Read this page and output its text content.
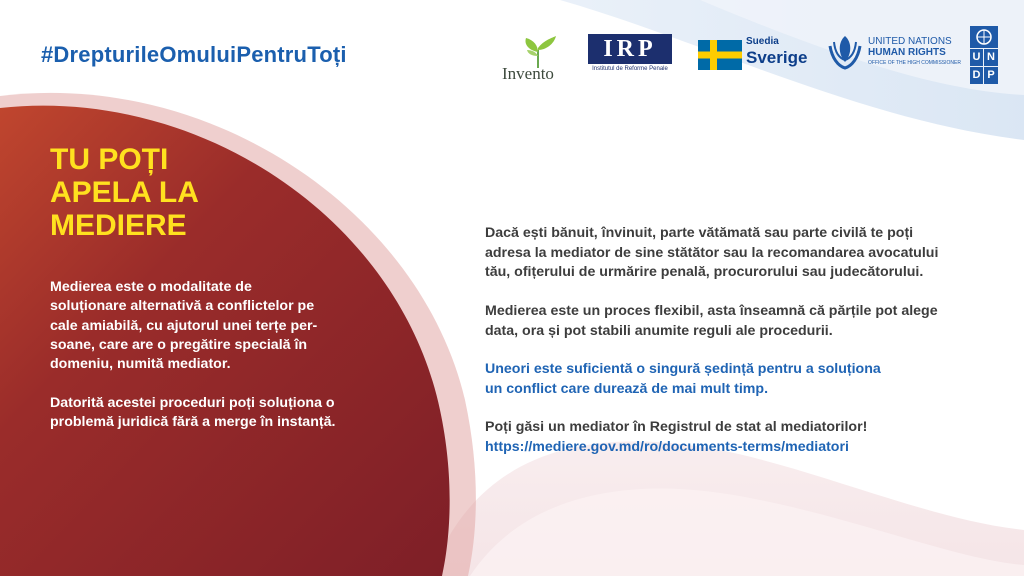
#DrepturileOmuluiPentruToți
Invento
IRP
Institutul de Reforme Penale
Suedia
Sverige
UNITED NATIONS
HUMAN RIGHTS
OFFICE OF THE HIGH COMMISSIONER U
D
N
P
TU POȚI
APELA LA
MEDIERE
Medierea este o modalitate de
soluționare alternativă a conflictelor pe
cale amiabilă, cu ajutorul unei terțe per-
soane, care are o pregătire specială în
domeniu, numită mediator.
Datorită acestei proceduri poți soluționa o
problemă juridică fără a merge în instanță.
Dacă ești bănuit, învinuit, parte vătămată sau parte civilă te poți
adresa la mediator de sine stătător sau la recomandarea avocatului
tău, ofițerului de urmărire penală, procurorului sau judecătorului.
Medierea este un proces flexibil, asta înseamnă că părțile pot alege
data, ora și pot stabili anumite reguli ale procedurii.
Uneori este suficientă o singură ședință pentru a soluționa
un conflict care durează de mai mult timp.
Poți găsi un mediator în Registrul de stat al mediatorilor!
https://mediere.gov.md/ro/documents-terms/mediatori
